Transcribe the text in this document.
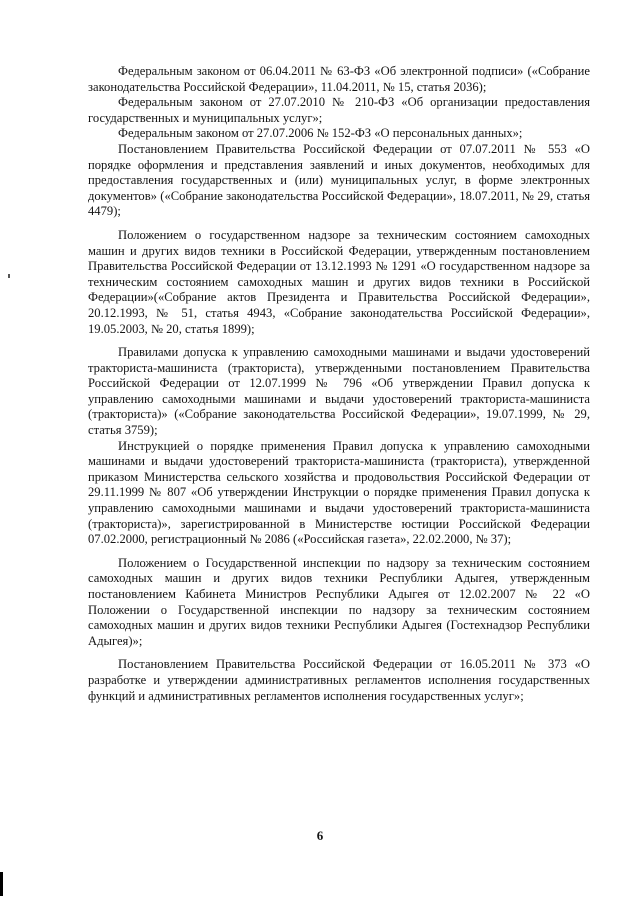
Федеральным законом от 06.04.2011 № 63-ФЗ «Об электронной подписи» («Собрание законодательства Российской Федерации», 11.04.2011, № 15, статья 2036);

Федеральным законом от 27.07.2010 № 210-ФЗ «Об организации предоставления государственных и муниципальных услуг»;

Федеральным законом от 27.07.2006 № 152-ФЗ «О персональных данных»;

Постановлением Правительства Российской Федерации от 07.07.2011 № 553 «О порядке оформления и представления заявлений и иных документов, необходимых для предоставления государственных и (или) муниципальных услуг, в форме электронных документов» («Собрание законодательства Российской Федерации», 18.07.2011, № 29, статья 4479);

Положением о государственном надзоре за техническим состоянием самоходных машин и других видов техники в Российской Федерации, утвержденным постановлением Правительства Российской Федерации от 13.12.1993 № 1291 «О государственном надзоре за техническим состоянием самоходных машин и других видов техники в Российской Федерации»(«Собрание актов Президента и Правительства Российской Федерации», 20.12.1993, № 51, статья 4943, «Собрание законодательства Российской Федерации», 19.05.2003, № 20, статья 1899);

Правилами допуска к управлению самоходными машинами и выдачи удостоверений тракториста-машиниста (тракториста), утвержденными постановлением Правительства Российской Федерации от 12.07.1999 № 796 «Об утверждении Правил допуска к управлению самоходными машинами и выдачи удостоверений тракториста-машиниста (тракториста)» («Собрание законодательства Российской Федерации», 19.07.1999, № 29, статья 3759);

Инструкцией о порядке применения Правил допуска к управлению самоходными машинами и выдачи удостоверений тракториста-машиниста (тракториста), утвержденной приказом Министерства сельского хозяйства и продовольствия Российской Федерации от 29.11.1999 № 807 «Об утверждении Инструкции о порядке применения Правил допуска к управлению самоходными машинами и выдачи удостоверений тракториста-машиниста (тракториста)», зарегистрированной в Министерстве юстиции Российской Федерации 07.02.2000, регистрационный № 2086 («Российская газета», 22.02.2000, № 37);

Положением о Государственной инспекции по надзору за техническим состоянием самоходных машин и других видов техники Республики Адыгея, утвержденным постановлением Кабинета Министров Республики Адыгея от 12.02.2007 № 22 «О Положении о Государственной инспекции по надзору за техническим состоянием самоходных машин и других видов техники Республики Адыгея (Гостехнадзор Республики Адыгея)»;

Постановлением Правительства Российской Федерации от 16.05.2011 № 373 «О разработке и утверждении административных регламентов исполнения государственных функций и административных регламентов исполнения государственных услуг»;

6
